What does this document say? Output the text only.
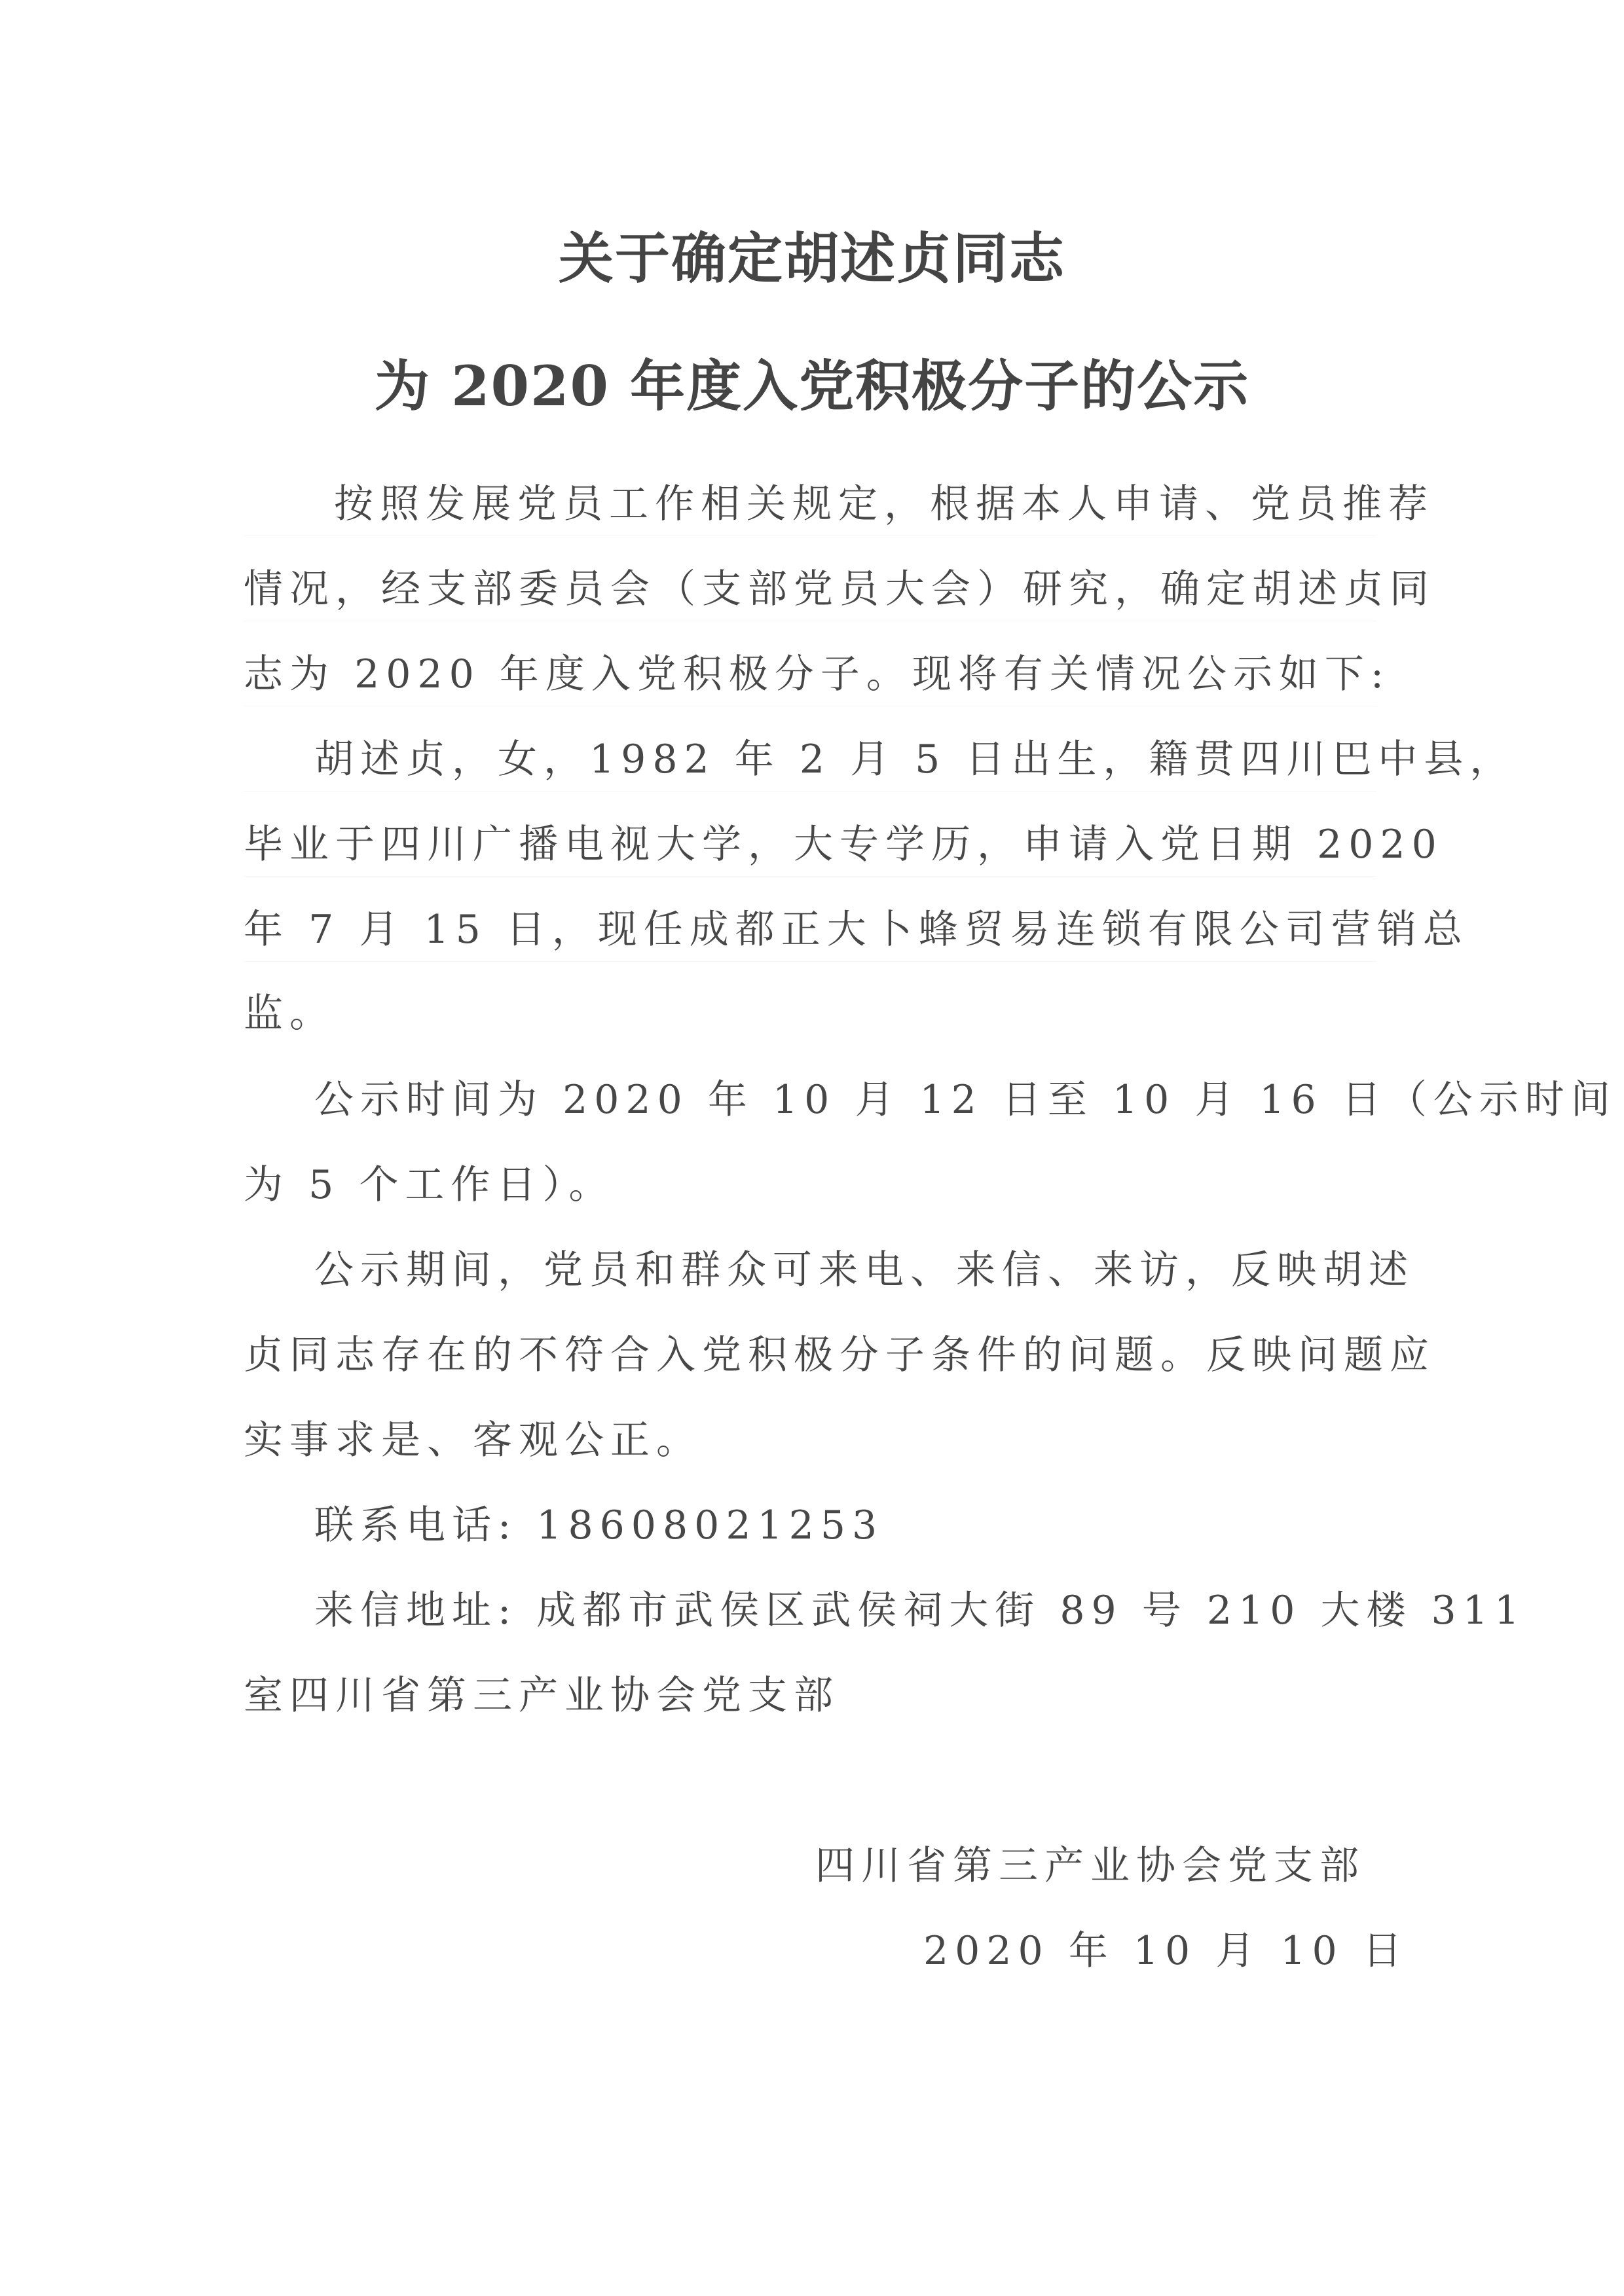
关于确定胡述贞同志
为 2020 年度入党积极分子的公示
按照发展党员工作相关规定，根据本人申请、党员推荐
情况，经支部委员会（支部党员大会）研究，确定胡述贞同
志为 2020 年度入党积极分子。现将有关情况公示如下:
胡述贞，女，1982 年 2 月 5 日出生，籍贯四川巴中县，
毕业于四川广播电视大学，大专学历，申请入党日期 2020
年 7 月 15 日，现任成都正大卜蜂贸易连锁有限公司营销总
监。
公示时间为 2020 年 10 月 12 日至 10 月 16 日（公示时间
为 5 个工作日）。
公示期间，党员和群众可来电、来信、来访，反映胡述
贞同志存在的不符合入党积极分子条件的问题。反映问题应
实事求是、客观公正。
联系电话: 18608021253
来信地址: 成都市武侯区武侯祠大街 89 号 210 大楼 311
室四川省第三产业协会党支部
四川省第三产业协会党支部
2020 年 10 月 10 日
